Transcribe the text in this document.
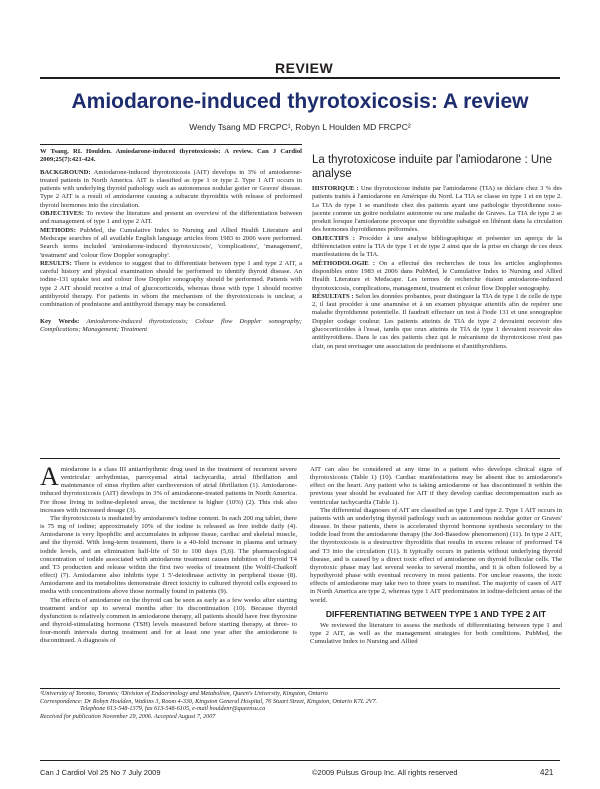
REVIEW
Amiodarone-induced thyrotoxicosis: A review
Wendy Tsang MD FRCPC¹, Robyn L Houlden MD FRCPC²
W Tsang, RL Houlden. Amiodarone-induced thyrotoxicosis: A review. Can J Cardiol 2009;25(7):421-424.
BACKGROUND: Amiodarone-induced thyrotoxicosis (AIT) develops in 3% of amiodarone-treated patients in North America. AIT is classified as type 1 or type 2. Type 1 AIT occurs in patients with underlying thyroid pathology such as autonomous nodular goiter or Graves' disease. Type 2 AIT is a result of amiodarone causing a subacute thyroiditis with release of preformed thyroid hormones into the circulation.
OBJECTIVES: To review the literature and present an overview of the differentiation between and management of type 1 and type 2 AIT.
METHODS: PubMed, the Cumulative Index to Nursing and Allied Health Literature and Medscape searches of all available English language articles from 1983 to 2006 were performed. Search terms included 'amiodarone-induced thyrotoxicosis', 'complications', 'management', 'treatment' and 'colour flow Doppler sonography'.
RESULTS: There is evidence to suggest that to differentiate between type 1 and type 2 AIT, a careful history and physical examination should be performed to identify thyroid disease. An iodine-131 uptake test and colour flow Doppler sonography should be performed. Patients with type 2 AIT should receive a trial of glucocorticoids, whereas those with type 1 should receive antithyroid therapy. For patients in whom the mechanism of the thyrotoxicosis is unclear, a combination of prednisone and antithyroid therapy may be considered.
Key Words: Amiodarone-induced thyrotoxicosis; Colour flow Doppler sonography; Complications; Management; Treatment
La thyrotoxicose induite par l'amiodarone : Une analyse
HISTORIQUE : Une thyrotoxicose induite par l'amiodarone (TIA) se déclare chez 3 % des patients traités à l'amiodarone en Amérique du Nord. La TIA se classe en type 1 et en type 2. La TIA de type 1 se manifeste chez des patients ayant une pathologie thyroïdienne sous-jacente comme un goitre nodulaire autonome ou une maladie de Graves. La TIA de type 2 se produit lorsque l'amiodarone provoque une thyroïdite subaiguë en libérant dans la circulation des hormones thyroïdiennes préformées.
OBJECTIFS : Procéder à une analyse bibliographique et présenter un aperçu de la différenciation entre la TIA de type 1 et de type 2 ainsi que de la prise en charge de ces deux manifestations de la TIA.
MÉTHODOLOGIE : On a effectué des recherches de tous les articles anglophones disponibles entre 1983 et 2006 dans PubMed, le Cumulative Index to Nursing and Allied Health Literature et Medscape. Les termes de recherche étaient amiodarone-induced thyrotoxicosis, complications, management, treatment et colour flow Doppler sonography.
RÉSULTATS : Selon les données probantes, pour distinguer la TIA de type 1 de celle de type 2, il faut procéder à une anamnèse et à un examen physique attentifs afin de repérer une maladie thyroïdienne potentielle. Il faudrait effectuer un test à l'iode 131 et une sonographie Doppler codage couleur. Les patients atteints de TIA de type 2 devraient recevoir des glucocorticoïdes à l'essai, tandis que ceux atteints de TIA de type 1 devraient recevoir des antithyroïdiens. Dans le cas des patients chez qui le mécanisme de thyrotoxicose n'est pas clair, on peut envisager une association de prednisone et d'antithyroïdiens.

Amiodarone is a class III antiarrhythmic drug used in the treatment of recurrent severe ventricular arrhythmias, paroxysmal atrial tachycardia, atrial fibrillation and maintenance of sinus rhythm after cardioversion of atrial fibrillation (1). Amiodarone-induced thyrotoxicosis (AIT) develops in 3% of amiodarone-treated patients in North America. For those living in iodine-depleted areas, the incidence is higher (10%) (2). This risk also increases with increased dosage (3).

The thyrotoxicosis is mediated by amiodarone's iodine content. In each 200 mg tablet, there is 75 mg of iodine; approximately 10% of the iodine is released as free iodide daily (4). Amiodarone is very lipophilic and accumulates in adipose tissue, cardiac and skeletal muscle, and the thyroid. With long-term treatment, there is a 40-fold increase in plasma and urinary iodide levels, and an elimination half-life of 50 to 100 days (5,6). The pharmacological concentration of iodide associated with amiodarone treatment causes inhibition of thyroid T4 and T3 production and release within the first two weeks of treatment (the Wolff-Chaikoff effect) (7). Amiodarone also inhibits type 1 5'-deiodinase activity in peripheral tissue (8). Amiodarone and its metabolites demonstrate direct toxicity to cultured thyroid cells exposed to media with concentrations above those normally found in patients (9).

The effects of amiodarone on the thyroid can be seen as early as a few weeks after starting treatment and/or up to several months after its discontinuation (10). Because thyroid dysfunction is relatively common in amiodarone therapy, all patients should have free thyroxine and thyroid-stimulating hormone (TSH) levels measured before starting therapy, at three- to four-month intervals during treatment and for at least one year after the amiodarone is discontinued. A diagnosis of

AIT can also be considered at any time in a patient who develops clinical signs of thyrotoxicosis (Table 1) (10). Cardiac manifestations may be absent due to amiodarone's effect on the heart. Any patient who is taking amiodarone or has discontinued it within the previous year should be evaluated for AIT if they develop cardiac decompensation such as ventricular tachycardia (Table 1).

The differential diagnoses of AIT are classified as type 1 and type 2. Type 1 AIT occurs in patients with an underlying thyroid pathology such as autonomous nodular goiter or Graves' disease. In these patients, there is accelerated thyroid hormone synthesis secondary to the iodide load from the amiodarone therapy (the Jod-Basedow phenomenon) (11). In type 2 AIT, the thyrotoxicosis is a destructive thyroiditis that results in excess release of preformed T4 and T3 into the circulation (11). It typically occurs in patients without underlying thyroid disease, and is caused by a direct toxic effect of amiodarone on thyroid follicular cells. The thyrotoxic phase may last several weeks to several months, and it is often followed by a hypothyroid phase with eventual recovery in most patients. For unclear reasons, the toxic effects of amiodarone may take two to three years to manifest. The majority of cases of AIT in North America are type 2, whereas type 1 AIT predominates in iodine-deficient areas of the world.

DIFFERENTIATING BETWEEN TYPE 1 AND TYPE 2 AIT

We reviewed the literature to assess the methods of differentiating between type 1 and type 2 AIT, as well as the management strategies for both conditions. PubMed, the Cumulative Index to Nursing and Allied

¹University of Toronto, Toronto; ²Division of Endocrinology and Metabolism, Queen's University, Kingston, Ontario
Correspondence: Dr Robyn Houlden, Watkins 3, Room 4-330, Kingston General Hospital, 76 Stuart Street, Kingston, Ontario K7L 2V7.
Telephone 613-548-1379, fax 613-548-6105, e-mail houldenr@queensu.ca
Received for publication November 29, 2006. Accepted August 7, 2007
Can J Cardiol Vol 25 No 7 July 2009	©2009 Pulsus Group Inc. All rights reserved	421
